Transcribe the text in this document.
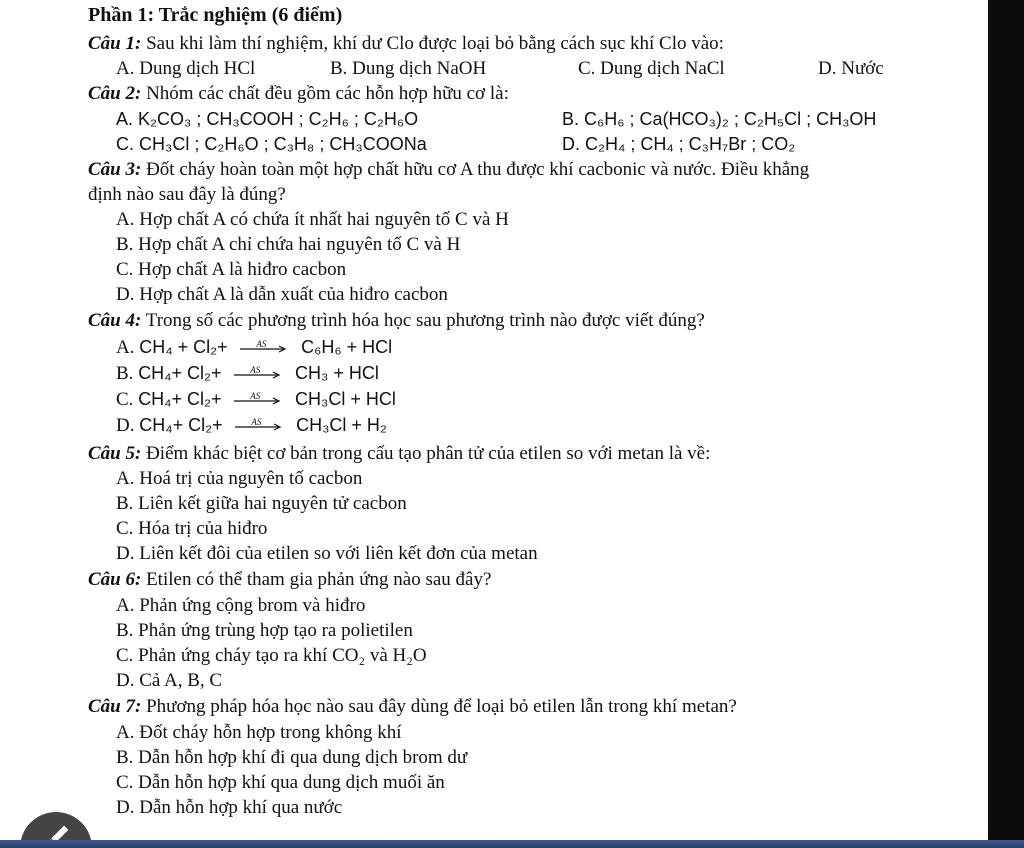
Phần 1: Trắc nghiệm (6 điểm)
Câu 1: Sau khi làm thí nghiệm, khí dư Clo được loại bỏ bằng cách sục khí Clo vào:
A. Dung dịch HCl	B. Dung dịch NaOH	C. Dung dịch NaCl	D. Nước
Câu 2: Nhóm các chất đều gồm các hỗn hợp hữu cơ là:
A. K₂CO₃ ; CH₃COOH ; C₂H₆ ; C₂H₆O	B. C₆H₆ ; Ca(HCO₃)₂ ; C₂H₅Cl ; CH₃OH
C. CH₃Cl ; C₂H₆O ; C₃H₈ ; CH₃COONa	D. C₂H₄ ; CH₄ ; C₃H₇Br ; CO₂
Câu 3: Đốt cháy hoàn toàn một hợp chất hữu cơ A thu được khí cacbonic và nước. Điều khẳng
định nào sau đây là đúng?
A. Hợp chất A có chứa ít nhất hai nguyên tố C và H
B. Hợp chất A chỉ chứa hai nguyên tố C và H
C. Hợp chất A là hiđro cacbon
D. Hợp chất A là dẫn xuất của hiđro cacbon
Câu 4: Trong số các phương trình hóa học sau phương trình nào được viết đúng?
A. CH₄ + Cl₂+	AS C₆H₆ + HCl
B. CH₄+ Cl₂+	AS CH₃ + HCl
C. CH₄+ Cl₂+	AS CH₃Cl + HCl
D. CH₄+ Cl₂+	AS CH₃Cl + H₂
Câu 5: Điểm khác biệt cơ bản trong cấu tạo phân tử của etilen so với metan là về:
A. Hoá trị của nguyên tố cacbon
B. Liên kết giữa hai nguyên tử cacbon
C. Hóa trị của hiđro
D. Liên kết đôi của etilen so với liên kết đơn của metan
Câu 6: Etilen có thể tham gia phản ứng nào sau đây?
A. Phản ứng cộng brom và hiđro
B. Phản ứng trùng hợp tạo ra polietilen
C. Phản ứng cháy tạo ra khí CO₂ và H₂O
D. Cả A, B, C
Câu 7: Phương pháp hóa học nào sau đây dùng để loại bỏ etilen lẫn trong khí metan?
A. Đốt cháy hỗn hợp trong không khí
B. Dẫn hỗn hợp khí đi qua dung dịch brom dư
C. Dẫn hỗn hợp khí qua dung dịch muối ăn
D. Dẫn hỗn hợp khí qua nước
